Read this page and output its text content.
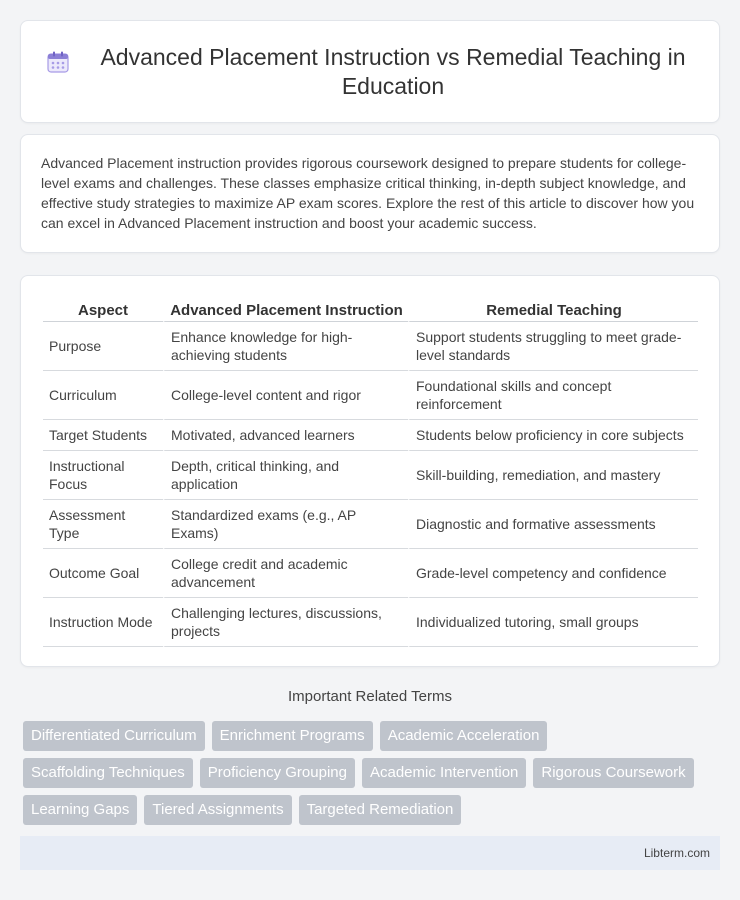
Advanced Placement Instruction vs Remedial Teaching in Education

Advanced Placement instruction provides rigorous coursework designed to prepare students for college-level exams and challenges. These classes emphasize critical thinking, in-depth subject knowledge, and effective study strategies to maximize AP exam scores. Explore the rest of this article to discover how you can excel in Advanced Placement instruction and boost your academic success.

Aspect	Advanced Placement Instruction	Remedial Teaching
Purpose	Enhance knowledge for high-achieving students	Support students struggling to meet grade-level standards
Curriculum	College-level content and rigor	Foundational skills and concept reinforcement
Target Students	Motivated, advanced learners	Students below proficiency in core subjects
Instructional Focus	Depth, critical thinking, and application	Skill-building, remediation, and mastery
Assessment Type	Standardized exams (e.g., AP Exams)	Diagnostic and formative assessments
Outcome Goal	College credit and academic advancement	Grade-level competency and confidence
Instruction Mode	Challenging lectures, discussions, projects	Individualized tutoring, small groups
Important Related Terms
Differentiated Curriculum	Enrichment Programs	Academic Acceleration
Scaffolding Techniques	Proficiency Grouping	Academic Intervention	Rigorous Coursework
Learning Gaps	Tiered Assignments	Targeted Remediation
Libterm.com
